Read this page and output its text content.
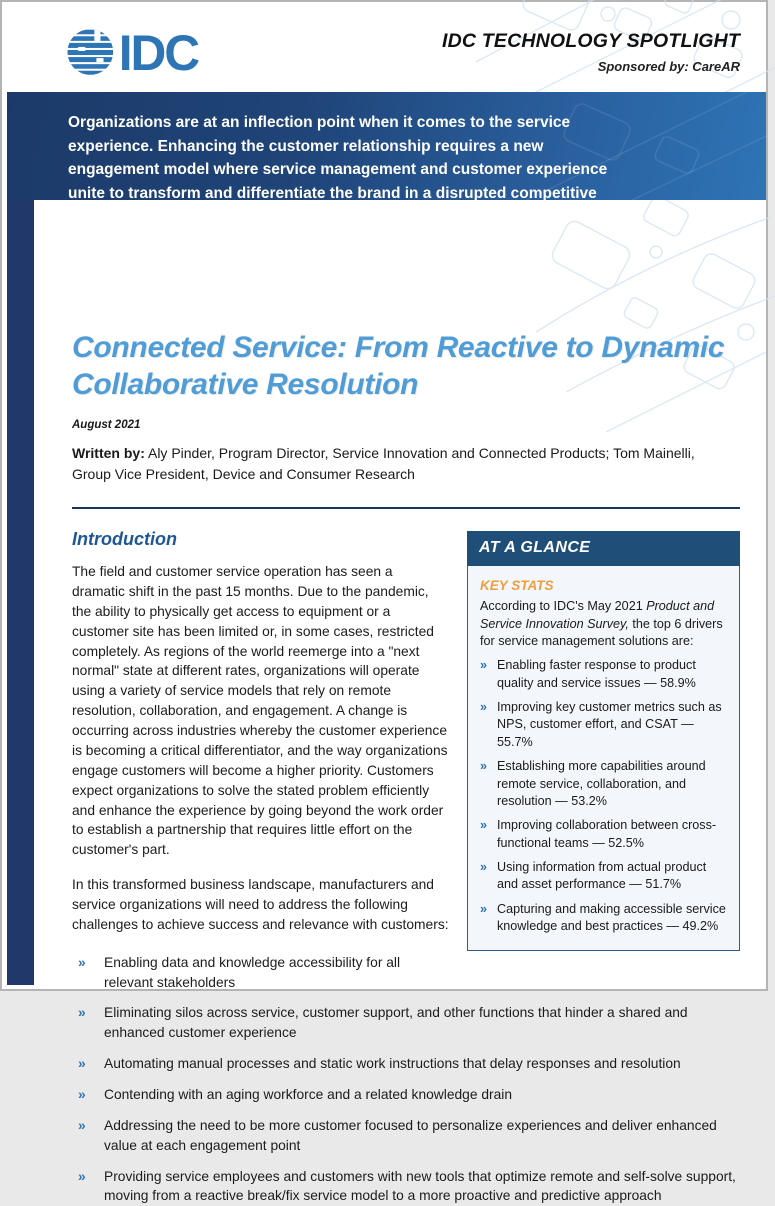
IDC	IDC TECHNOLOGY SPOTLIGHT
Sponsored by: CareAR

Organizations are at an inflection point when it comes to the service experience. Enhancing the customer relationship requires a new engagement model where service management and customer experience unite to transform and differentiate the brand in a disrupted competitive environment.

Connected Service: From Reactive to Dynamic Collaborative Resolution

August 2021

Written by: Aly Pinder, Program Director, Service Innovation and Connected Products; Tom Mainelli, Group Vice President, Device and Consumer Research

AT A GLANCE
KEY STATS

According to IDC's May 2021 Product and Service Innovation Survey, the top 6 drivers for service management solutions are:

» Enabling faster response to product quality and service issues — 58.9%
» Improving key customer metrics such as NPS, customer effort, and CSAT — 55.7%
» Establishing more capabilities around remote service, collaboration, and resolution — 53.2%
» Improving collaboration between cross-functional teams — 52.5%
» Using information from actual product and asset performance — 51.7%
» Capturing and making accessible service knowledge and best practices — 49.2%
Introduction

The field and customer service operation has seen a dramatic shift in the past 15 months. Due to the pandemic, the ability to physically get access to equipment or a customer site has been limited or, in some cases, restricted completely. As regions of the world reemerge into a "next normal" state at different rates, organizations will operate using a variety of service models that rely on remote resolution, collaboration, and engagement. A change is occurring across industries whereby the customer experience is becoming a critical differentiator, and the way organizations engage customers will become a higher priority. Customers expect organizations to solve the stated problem efficiently and enhance the experience by going beyond the work order to establish a partnership that requires little effort on the customer's part.

In this transformed business landscape, manufacturers and service organizations will need to address the following challenges to achieve success and relevance with customers:

»	Enabling data and knowledge accessibility for all relevant stakeholders
»	Eliminating silos across service, customer support, and other functions that hinder a shared and enhanced customer experience
»	Automating manual processes and static work instructions that delay responses and resolution
»	Contending with an aging workforce and a related knowledge drain
»	Addressing the need to be more customer focused to personalize experiences and deliver enhanced value at each engagement point
»	Providing service employees and customers with new tools that optimize remote and self-solve support, moving from a reactive break/fix service model to a more proactive and predictive approach
